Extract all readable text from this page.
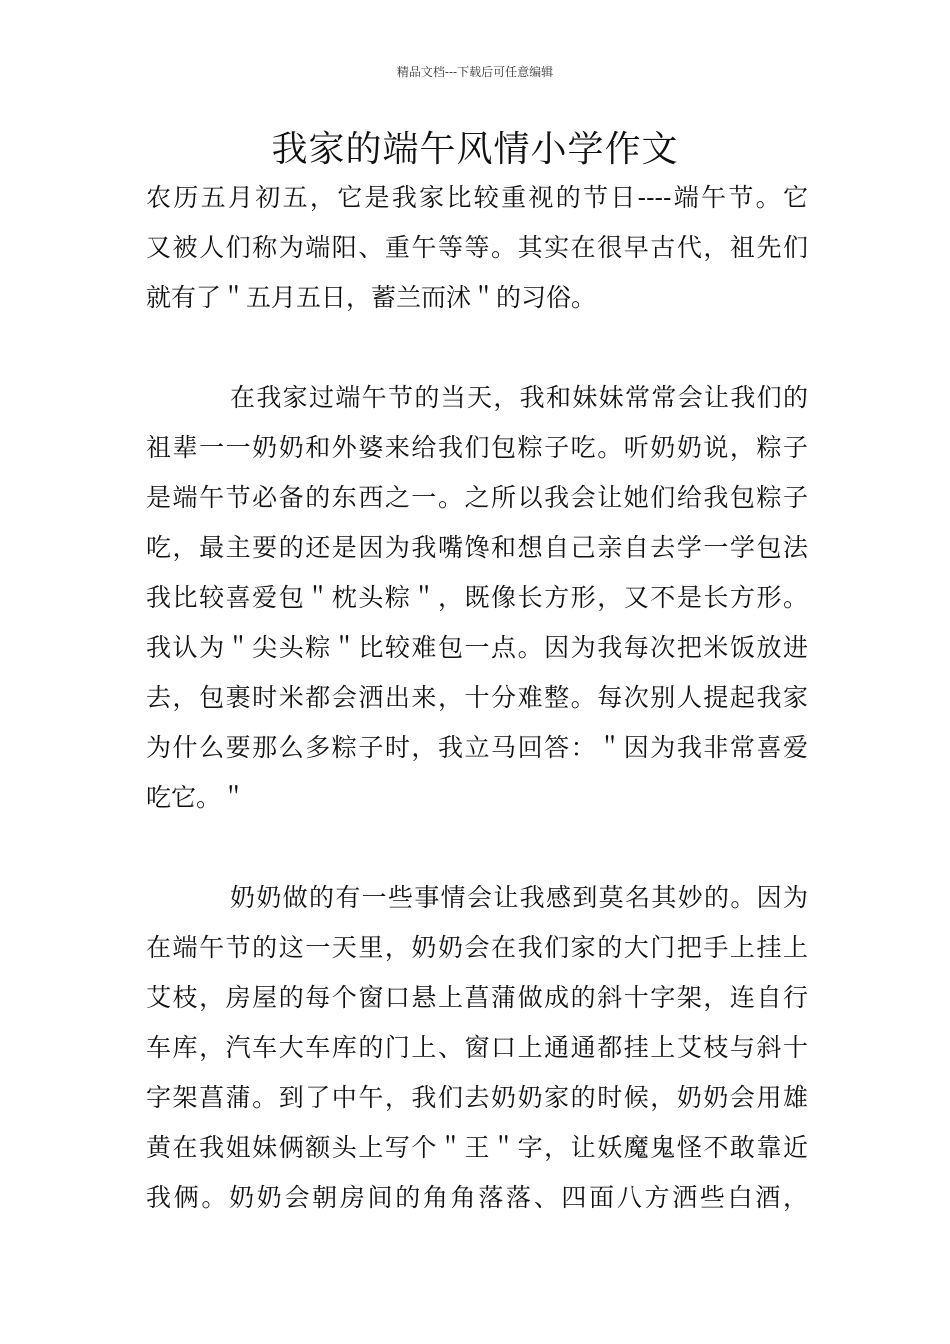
精品文档---下载后可任意编辑
我家的端午风情小学作文
农历五月初五，它是我家比较重视的节日----端午节。它
又被人们称为端阳、重午等等。其实在很早古代，祖先们
就有了＂五月五日，蓄兰而沭＂的习俗。
在我家过端午节的当天，我和妹妹常常会让我们的
祖辈一一奶奶和外婆来给我们包粽子吃。听奶奶说，粽子
是端午节必备的东西之一。之所以我会让她们给我包粽子
吃，最主要的还是因为我嘴馋和想自己亲自去学一学包法
我比较喜爱包＂枕头粽＂，既像长方形，又不是长方形。
我认为＂尖头粽＂比较难包一点。因为我每次把米饭放进
去，包裹时米都会洒出来，十分难整。每次别人提起我家
为什么要那么多粽子时，我立马回答：＂因为我非常喜爱
吃它。＂
奶奶做的有一些事情会让我感到莫名其妙的。因为
在端午节的这一天里，奶奶会在我们家的大门把手上挂上
艾枝，房屋的每个窗口悬上菖蒲做成的斜十字架，连自行
车库，汽车大车库的门上、窗口上通通都挂上艾枝与斜十
字架菖蒲。到了中午，我们去奶奶家的时候，奶奶会用雄
黄在我姐妹俩额头上写个＂王＂字，让妖魔鬼怪不敢靠近
我俩。奶奶会朝房间的角角落落、四面八方洒些白酒，
